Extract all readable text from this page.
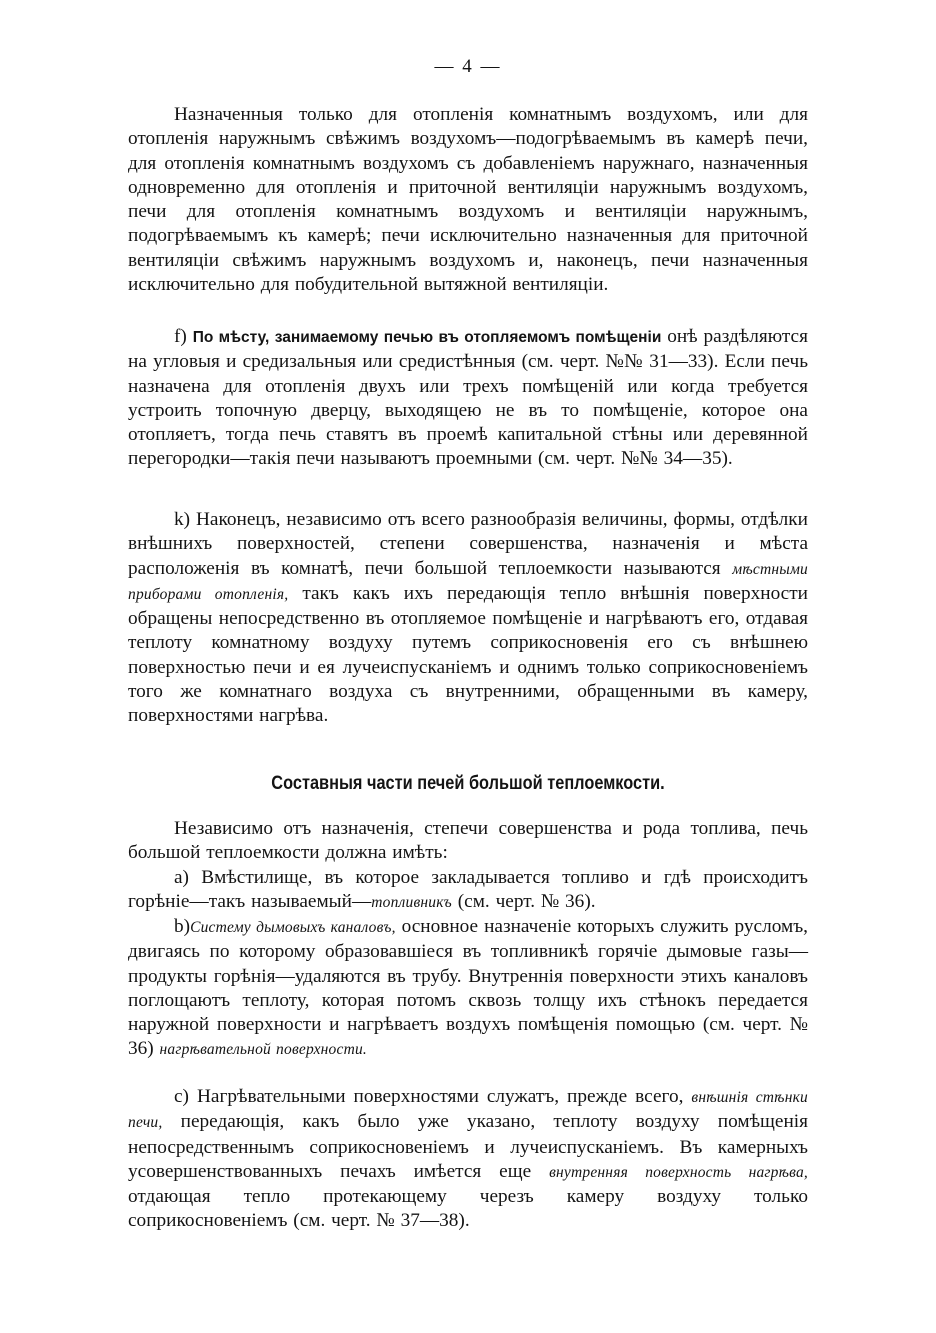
— 4 —

Назначенныя только для отопленія комнатнымъ воздухомъ, или для отопленія наружнымъ свѣжимъ воздухомъ—подогрѣваемымъ въ камерѣ печи, для отопленія комнатнымъ воздухомъ съ добавленіемъ наружнаго, назначенныя одновременно для отопленія и приточной вентиляціи наружнымъ воздухомъ, печи для отопленія комнатнымъ воздухомъ и вентиляціи наружнымъ, подогрѣваемымъ къ камерѣ; печи исключительно назначенныя для приточной вентиляціи свѣжимъ наружнымъ воздухомъ и, наконецъ, печи назначенныя исключительно для побудительной вытяжной вентиляціи.

f) По мѣсту, занимаемому печью въ отопляемомъ помѣщеніи онѣ раздѣляются на угловыя и средизальныя или средистѣнныя (см. черт. №№ 31—33). Если печь назначена для отопленія двухъ или трехъ помѣщеній или когда требуется устроить топочную дверцу, выходящею не въ то помѣщеніе, которое она отопляетъ, тогда печь ставятъ въ проемѣ капитальной стѣны или деревянной перегородки—такія печи называютъ проемными (см. черт. №№ 34—35).

k) Наконецъ, независимо отъ всего разнообразія величины, формы, отдѣлки внѣшнихъ поверхностей, степени совершенства, назначенія и мѣста расположенія въ комнатѣ, печи большой теплоемкости называются мѣстными приборами отопленія, такъ какъ ихъ передающія тепло внѣшнія поверхности обращены непосредственно въ отопляемое помѣщеніе и нагрѣваютъ его, отдавая теплоту комнатному воздуху путемъ соприкосновенія его съ внѣшнею поверхностью печи и ея лучеиспусканіемъ и однимъ только соприкосновеніемъ того же комнатнаго воздуха съ внутренними, обращенными въ камеру, поверхностями нагрѣва.

Составныя части печей большой теплоемкости.

Независимо отъ назначенія, степечи совершенства и рода топлива, печь большой теплоемкости должна имѣть:

а) Вмѣстилище, въ которое закладывается топливо и гдѣ происходитъ горѣніе—такъ называемый—топливникъ (см. черт. № 36).

b)Систему дымовыхъ каналовъ, основное назначеніе которыхъ служить русломъ, двигаясь по которому образовавшіеся въ топливникѣ горячіе дымовые газы—продукты горѣнія—удаляются въ трубу. Внутреннія поверхности этихъ каналовъ поглощаютъ теплоту, которая потомъ сквозь толщу ихъ стѣнокъ передается наружной поверхности и нагрѣваетъ воздухъ помѣщенія помощью (см. черт. № 36) нагрѣвательной поверхности.

c) Нагрѣвательными поверхностями служатъ, прежде всего, внѣшнія стѣнки печи, передающія, какъ было уже указано, теплоту воздуху помѣщенія непосредственнымъ соприкосновеніемъ и лучеиспусканіемъ. Въ камерныхъ усовершенствованныхъ печахъ имѣется еще внутренняя поверхность нагрѣва, отдающая тепло протекающему черезъ камеру воздуху только соприкосновеніемъ (см. черт. № 37—38).
